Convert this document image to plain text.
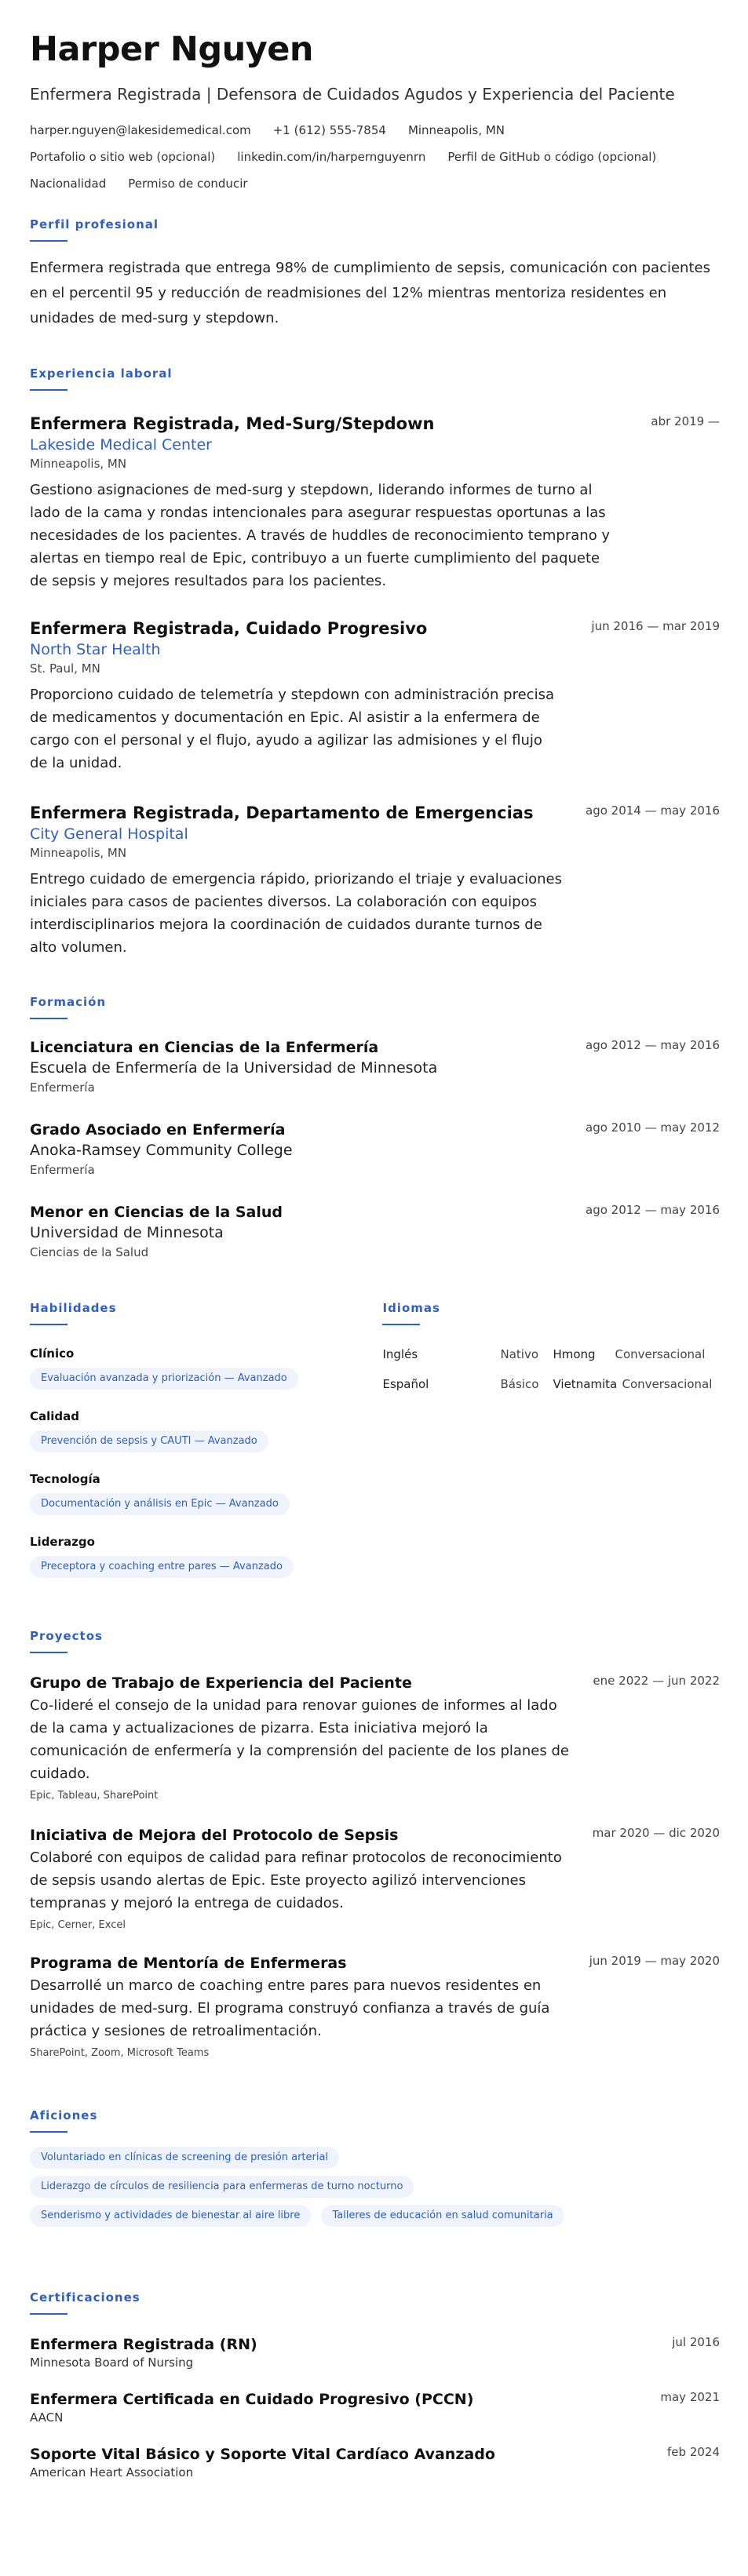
Harper Nguyen
Enfermera Registrada | Defensora de Cuidados Agudos y Experiencia del Paciente
harper.nguyen@lakesidemedical.com +1 (612) 555-7854 Minneapolis, MN
Portafolio o sitio web (opcional) linkedin.com/in/harpernguyenrn Perfil de GitHub o código (opcional)
Nacionalidad Permiso de conducir
Perfil profesional
Enfermera registrada que entrega 98% de cumplimiento de sepsis, comunicación con pacientes en el percentil 95 y reducción de readmisiones del 12% mientras mentoriza residentes en unidades de med-surg y stepdown.
Experiencia laboral
Enfermera Registrada, Med-Surg/Stepdown	abr 2019 —
Lakeside Medical Center
Minneapolis, MN
Gestiono asignaciones de med-surg y stepdown, liderando informes de turno al lado de la cama y rondas intencionales para asegurar respuestas oportunas a las necesidades de los pacientes. A través de huddles de reconocimiento temprano y alertas en tiempo real de Epic, contribuyo a un fuerte cumplimiento del paquete de sepsis y mejores resultados para los pacientes.
Enfermera Registrada, Cuidado Progresivo	jun 2016 — mar 2019
North Star Health
St. Paul, MN
Proporciono cuidado de telemetría y stepdown con administración precisa de medicamentos y documentación en Epic. Al asistir a la enfermera de cargo con el personal y el flujo, ayudo a agilizar las admisiones y el flujo de la unidad.
Enfermera Registrada, Departamento de Emergencias	ago 2014 — may 2016
City General Hospital
Minneapolis, MN
Entrego cuidado de emergencia rápido, priorizando el triaje y evaluaciones iniciales para casos de pacientes diversos. La colaboración con equipos interdisciplinarios mejora la coordinación de cuidados durante turnos de alto volumen.
Formación
Licenciatura en Ciencias de la Enfermería	ago 2012 — may 2016
Escuela de Enfermería de la Universidad de Minnesota
Enfermería
Grado Asociado en Enfermería	ago 2010 — may 2012
Anoka-Ramsey Community College
Enfermería
Menor en Ciencias de la Salud	ago 2012 — may 2016
Universidad de Minnesota
Ciencias de la Salud
Habilidades
Clínico
Evaluación avanzada y priorización — Avanzado
Calidad
Prevención de sepsis y CAUTI — Avanzado
Tecnología
Documentación y análisis en Epic — Avanzado
Liderazgo
Preceptora y coaching entre pares — Avanzado
Idiomas
Inglés	Nativo Hmong Conversacional
Español	Básico Vietnamita Conversacional
Proyectos
Grupo de Trabajo de Experiencia del Paciente	ene 2022 — jun 2022
Co-lideré el consejo de la unidad para renovar guiones de informes al lado de la cama y actualizaciones de pizarra. Esta iniciativa mejoró la comunicación de enfermería y la comprensión del paciente de los planes de cuidado.
Epic, Tableau, SharePoint
Iniciativa de Mejora del Protocolo de Sepsis	mar 2020 — dic 2020
Colaboré con equipos de calidad para refinar protocolos de reconocimiento de sepsis usando alertas de Epic. Este proyecto agilizó intervenciones tempranas y mejoró la entrega de cuidados.
Epic, Cerner, Excel
Programa de Mentoría de Enfermeras	jun 2019 — may 2020
Desarrollé un marco de coaching entre pares para nuevos residentes en unidades de med-surg. El programa construyó confianza a través de guía práctica y sesiones de retroalimentación.
SharePoint, Zoom, Microsoft Teams
Aficiones
Voluntariado en clínicas de screening de presión arterial
Liderazgo de círculos de resiliencia para enfermeras de turno nocturno
Senderismo y actividades de bienestar al aire libre	Talleres de educación en salud comunitaria
Certificaciones
Enfermera Registrada (RN)	jul 2016
Minnesota Board of Nursing
Enfermera Certificada en Cuidado Progresivo (PCCN)	may 2021
AACN
Soporte Vital Básico y Soporte Vital Cardíaco Avanzado	feb 2024
American Heart Association
